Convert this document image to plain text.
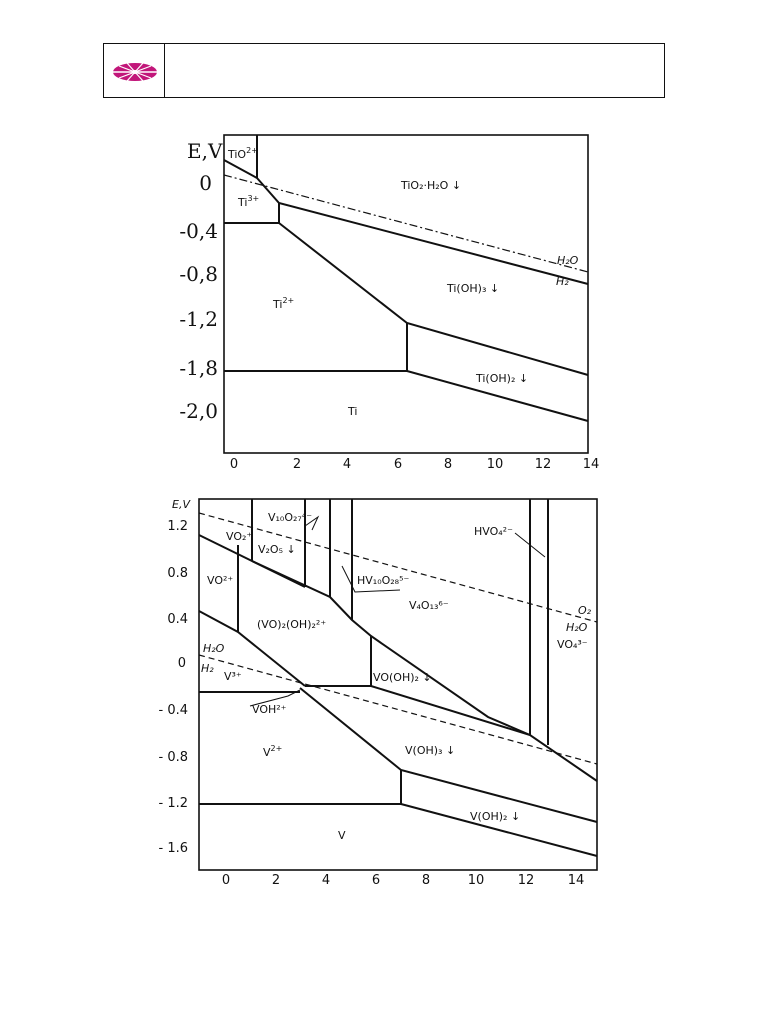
E,V
0	2	4	6	8	10 12 14
0
-0,4
-0,8
-1,2
-1,8
-2,0
TiO$^{2+}$
$Ti^{3+}$
$Ti^{2+}$
TiO₂·H₂O ↓
Ti(OH)₃ ↓
Ti(OH)₂ ↓
Ti
H₂O
H₂
E,V
0	2	4	6	8	10	12	14
1.2
0.8
0.4
0
- 0.4
- 0.8
- 1.2
- 1.6
VO₂⁺
V₁₀O₂₇⁴⁻
V₂O₅ ↓
VO²⁺
(VO)₂(OH)₂²⁺
HV₁₀O₂₈⁵⁻
V₄O₁₃⁶⁻
HVO₄²⁻
O₂
H₂O
VO₄³⁻
H₂O
H₂
V³⁺	VO(OH)₂ ↓
VOH²⁺
$V^{2+}$	V(OH)₃ ↓
V(OH)₂ ↓
V
